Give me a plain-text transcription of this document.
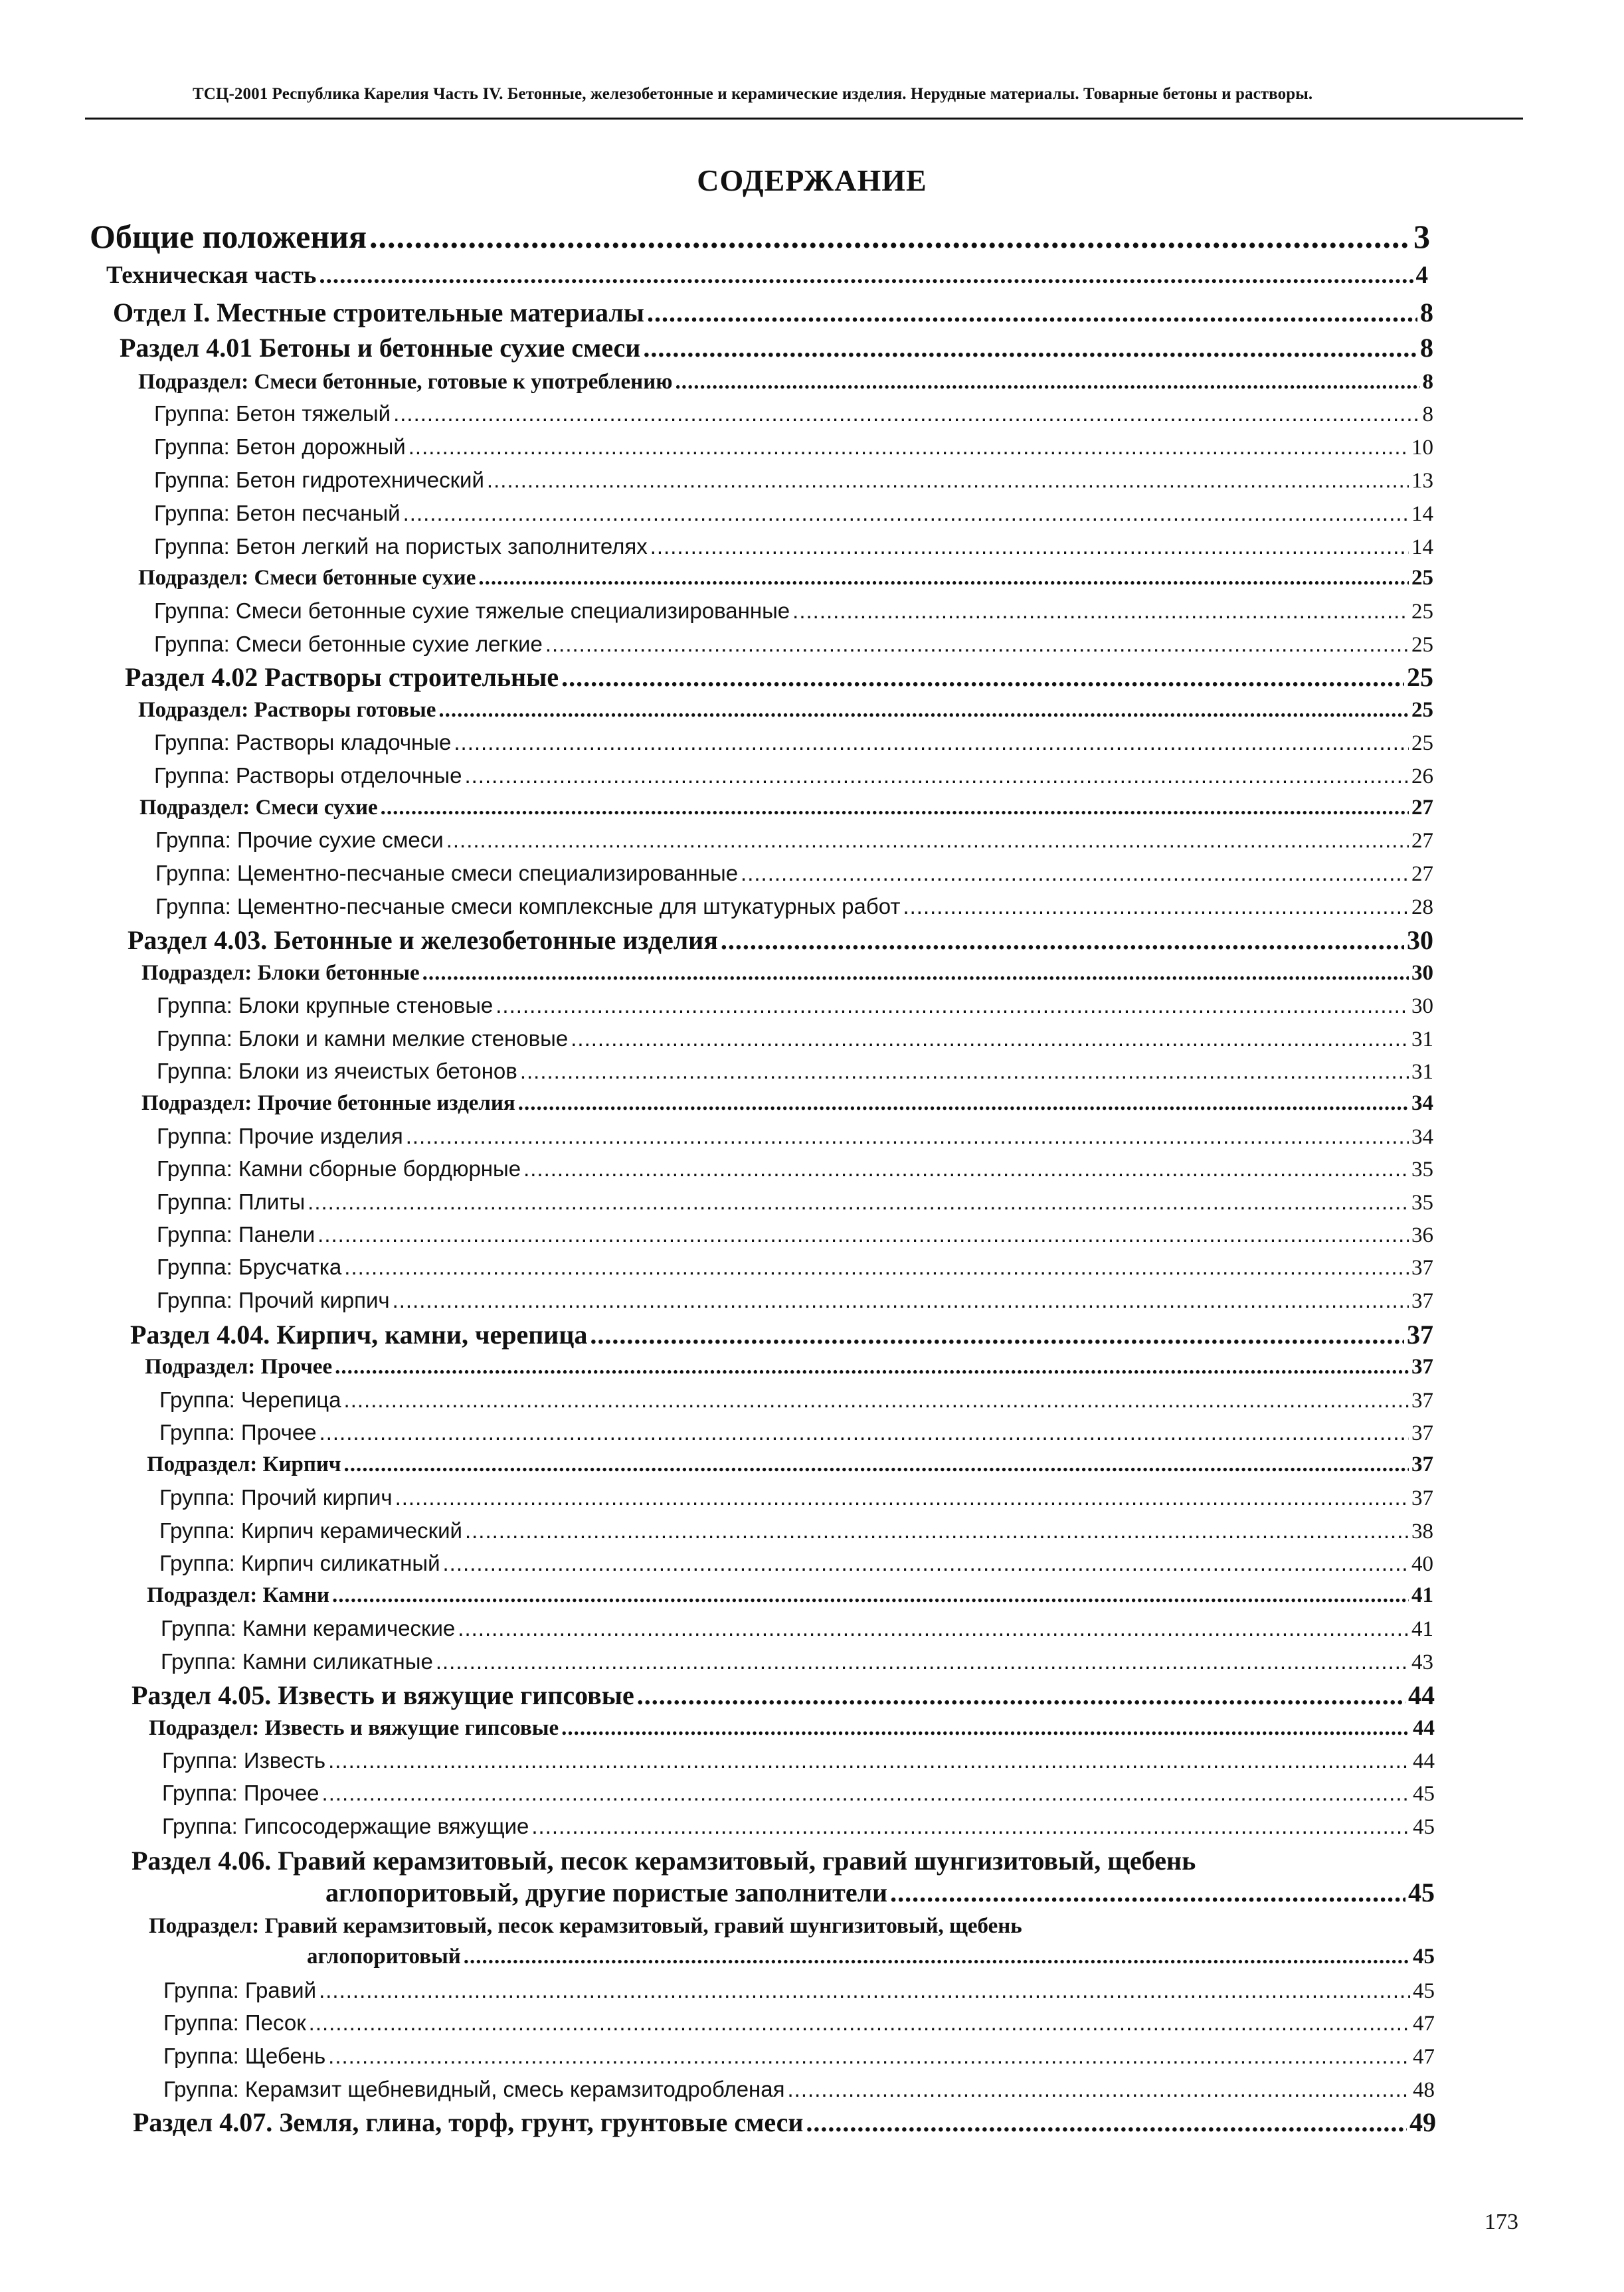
ТСЦ-2001 Республика Карелия Часть IV. Бетонные, железобетонные и керамические изделия. Нерудные материалы. Товарные бетоны и растворы.
СОДЕРЖАНИЕ
Общие положения .....	3
Техническая часть .....	4
Отдел I. Местные строительные материалы .....	8
Раздел 4.01 Бетоны и бетонные сухие смеси .....	8
Подраздел: Смеси бетонные, готовые к употреблению .....	8
Группа: Бетон тяжелый .....	8
Группа: Бетон дорожный .....	10
Группа: Бетон гидротехнический .....	13
Группа: Бетон песчаный .....	14
Группа: Бетон легкий на пористых заполнителях .....	14
Подраздел: Смеси бетонные сухие .....	25
Группа: Смеси бетонные сухие тяжелые специализированные .....	25
Группа: Смеси бетонные сухие легкие .....	25
Раздел 4.02 Растворы строительные .....	25
Подраздел: Растворы готовые .....	25
Группа: Растворы кладочные .....	25
Группа: Растворы отделочные .....	26
Подраздел: Смеси сухие .....	27
Группа: Прочие сухие смеси .....	27
Группа: Цементно-песчаные смеси специализированные .....	27
Группа: Цементно-песчаные смеси комплексные для штукатурных работ .....	28
Раздел 4.03. Бетонные и железобетонные изделия .....	30
Подраздел: Блоки бетонные .....	30
Группа: Блоки крупные стеновые .....	30
Группа: Блоки и камни мелкие стеновые .....	31
Группа: Блоки из ячеистых бетонов .....	31
Подраздел: Прочие бетонные изделия .....	34
Группа: Прочие изделия .....	34
Группа: Камни сборные бордюрные .....	35
Группа: Плиты .....	35
Группа: Панели .....	36
Группа: Брусчатка .....	37
Группа: Прочий кирпич .....	37
Раздел 4.04. Кирпич, камни, черепица .....	37
Подраздел: Прочее .....	37
Группа: Черепица .....	37
Группа: Прочее .....	37
Подраздел: Кирпич .....	37
Группа: Прочий кирпич .....	37
Группа: Кирпич керамический .....	38
Группа: Кирпич силикатный .....	40
Подраздел: Камни .....	41
Группа: Камни керамические .....	41
Группа: Камни силикатные .....	43
Раздел 4.05. Известь и вяжущие гипсовые .....	44
Подраздел: Известь и вяжущие гипсовые .....	44
Группа: Известь .....	44
Группа: Прочее .....	45
Группа: Гипсосодержащие вяжущие .....	45
Раздел 4.06. Гравий керамзитовый, песок керамзитовый, гравий шунгизитовый, щебень
аглопоритовый, другие пористые заполнители .....	45
Подраздел: Гравий керамзитовый, песок керамзитовый, гравий шунгизитовый, щебень
аглопоритовый .....	45
Группа: Гравий .....	45
Группа: Песок .....	47
Группа: Щебень .....	47
Группа: Керамзит щебневидный, смесь керамзитодробленая .....	48
Раздел 4.07. Земля, глина, торф, грунт, грунтовые смеси .....	49
173
